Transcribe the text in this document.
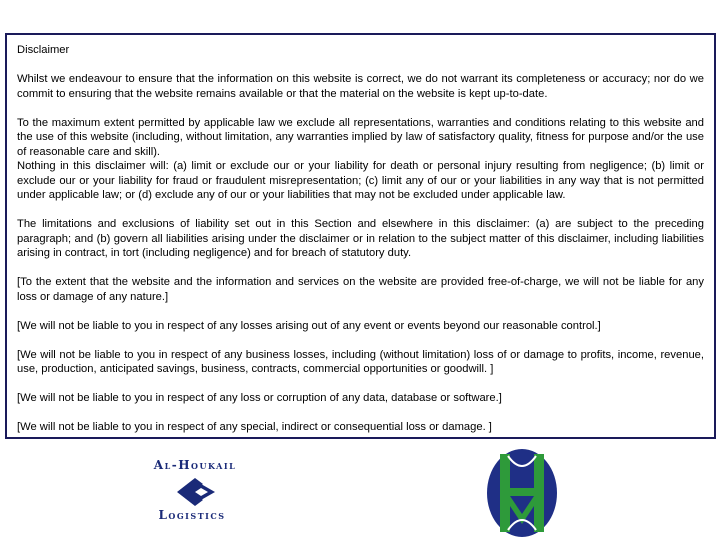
Disclaimer

Whilst we endeavour to ensure that the information on this website is correct, we do not warrant its completeness or accuracy; nor do we commit to ensuring that the website remains available or that the material on the website is kept up-to-date.

To the maximum extent permitted by applicable law we exclude all representations, warranties and conditions relating to this website and the use of this website (including, without limitation, any warranties implied by law of satisfactory quality, fitness for purpose and/or the use of reasonable care and skill).

Nothing in this disclaimer will: (a) limit or exclude our or your liability for death or personal injury resulting from negligence; (b) limit or exclude our or your liability for fraud or fraudulent misrepresentation; (c) limit any of our or your liabilities in any way that is not permitted under applicable law; or (d) exclude any of our or your liabilities that may not be excluded under applicable law.

The limitations and exclusions of liability set out in this Section and elsewhere in this disclaimer: (a) are subject to the preceding paragraph; and (b) govern all liabilities arising under the disclaimer or in relation to the subject matter of this disclaimer, including liabilities arising in contract, in tort (including negligence) and for breach of statutory duty.

[To the extent that the website and the information and services on the website are provided free-of-charge, we will not be liable for any loss or damage of any nature.]

[We will not be liable to you in respect of any losses arising out of any event or events beyond our reasonable control.]

[We will not be liable to you in respect of any business losses, including (without limitation) loss of or damage to profits, income, revenue, use, production, anticipated savings, business, contracts, commercial opportunities or goodwill. ]

[We will not be liable to you in respect of any loss or corruption of any data, database or software.]

[We will not be liable to you in respect of any special, indirect or consequential loss or damage. ]

Al-Houkail
Logistics
